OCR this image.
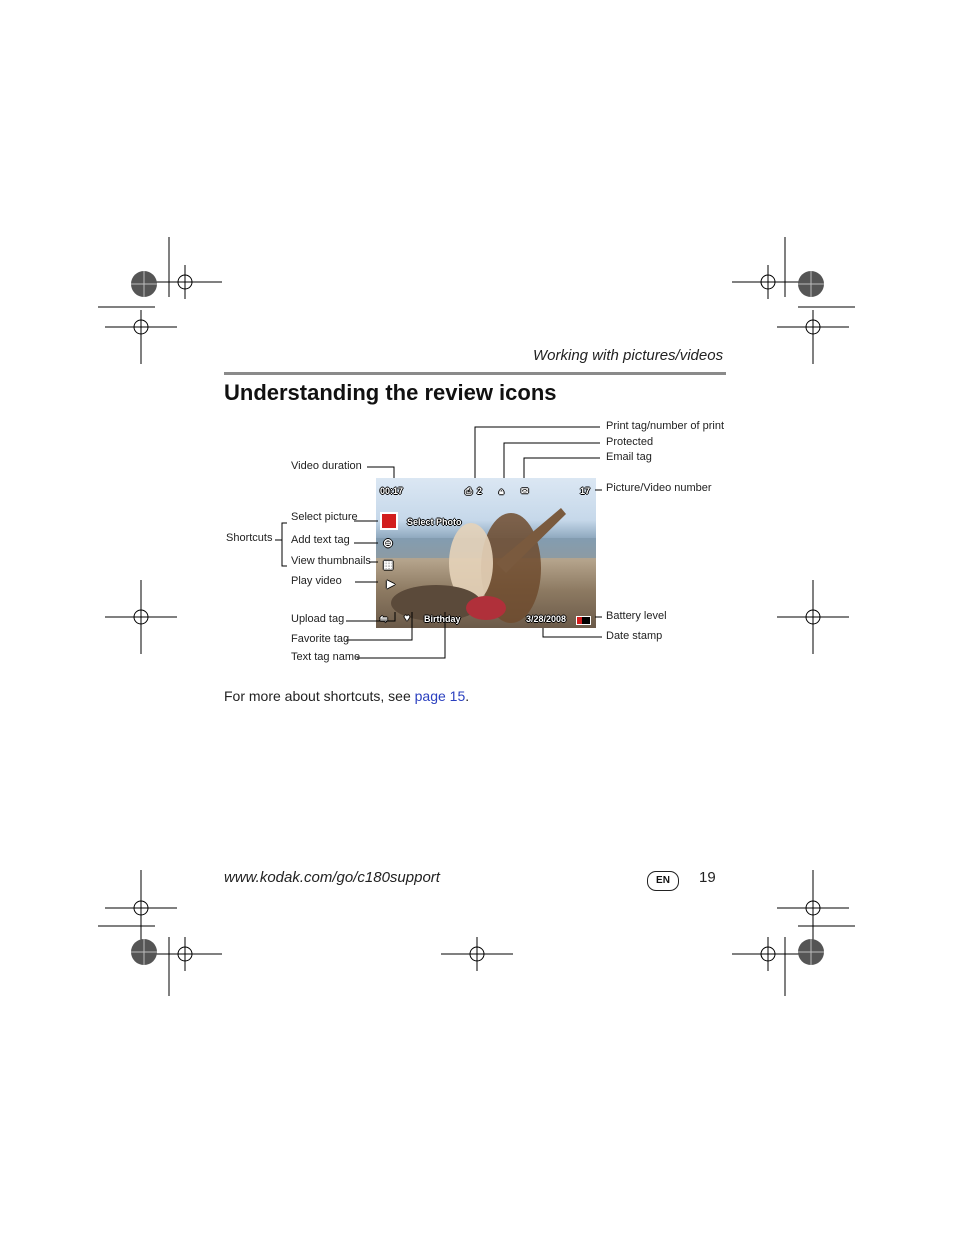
Working with pictures/videos
Understanding the review icons
00:17	⎙ 2 🔒︎ ✉	17
Select Photo
⊜
▦
▶
⇋ ♥ Birthday	3/28/2008
Print tag/number of print
Protected
Email tag
Video duration
Picture/Video number
Select picture
Shortcuts Add text tag
View thumbnails
Play video
Battery level
Upload tag
Date stamp
Favorite tag
Text tag name
For more about shortcuts, see page 15.
www.kodak.com/go/c180support	EN	19
